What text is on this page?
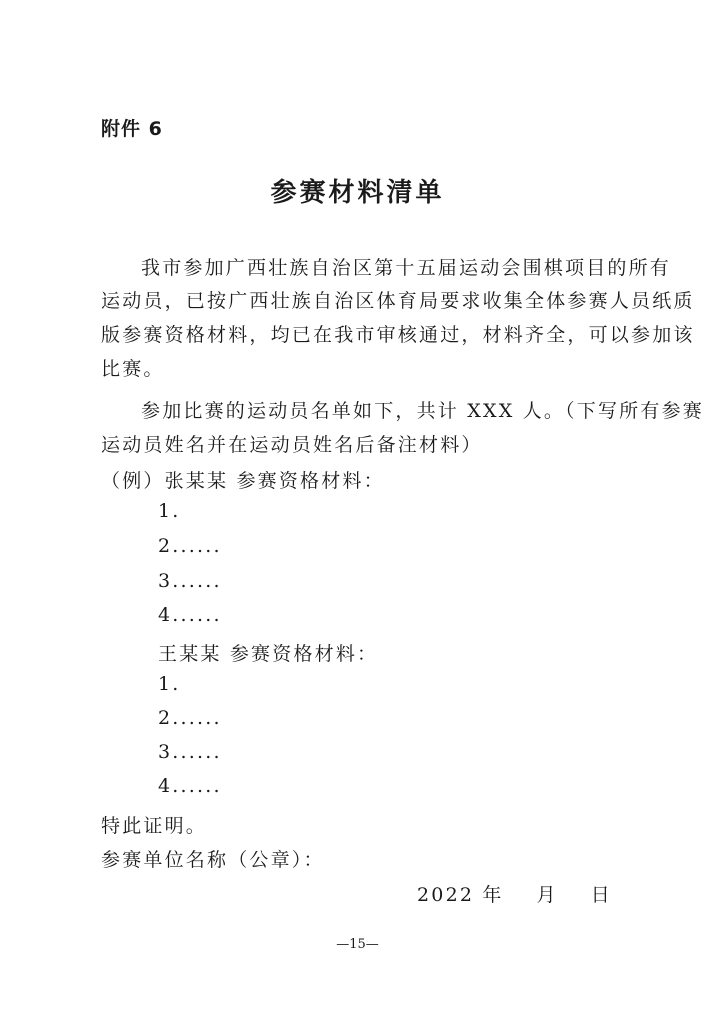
附件 6
参赛材料清单
我市参加广西壮族自治区第十五届运动会围棋项目的所有
运动员，已按广西壮族自治区体育局要求收集全体参赛人员纸质
版参赛资格材料，均已在我市审核通过，材料齐全，可以参加该
比赛。
参加比赛的运动员名单如下，共计 XXX 人。（下写所有参赛
运动员姓名并在运动员姓名后备注材料）
（例）张某某 参赛资格材料：
1.
2......
3......
4......
王某某 参赛资格材料：
1.
2......
3......
4......
特此证明。
参赛单位名称（公章）：
2022 年    月    日
—15—
